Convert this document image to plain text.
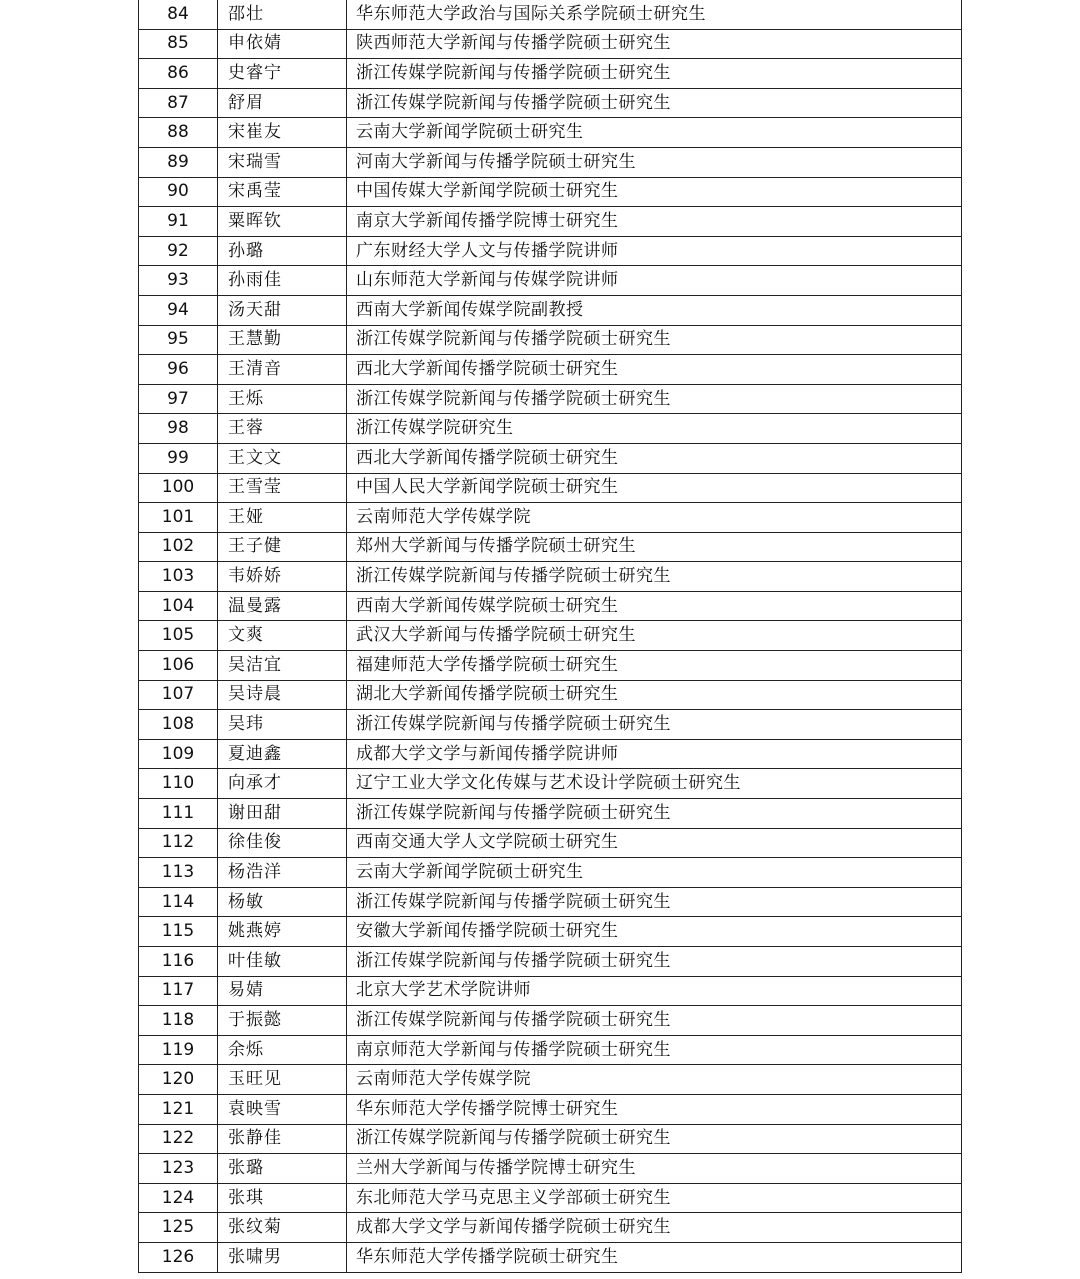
84	邵壮	华东师范大学政治与国际关系学院硕士研究生
85	申依婧	陕西师范大学新闻与传播学院硕士研究生
86	史睿宁	浙江传媒学院新闻与传播学院硕士研究生
87	舒眉	浙江传媒学院新闻与传播学院硕士研究生
88	宋崔友	云南大学新闻学院硕士研究生
89	宋瑞雪	河南大学新闻与传播学院硕士研究生
90	宋禹莹	中国传媒大学新闻学院硕士研究生
91	粟晖钦	南京大学新闻传播学院博士研究生
92	孙璐	广东财经大学人文与传播学院讲师
93	孙雨佳	山东师范大学新闻与传媒学院讲师
94	汤天甜	西南大学新闻传媒学院副教授
95	王慧勤	浙江传媒学院新闻与传播学院硕士研究生
96	王清音	西北大学新闻传播学院硕士研究生
97	王烁	浙江传媒学院新闻与传播学院硕士研究生
98	王蓉	浙江传媒学院研究生
99	王文文	西北大学新闻传播学院硕士研究生
100	王雪莹	中国人民大学新闻学院硕士研究生
101	王娅	云南师范大学传媒学院
102	王子健	郑州大学新闻与传播学院硕士研究生
103	韦娇娇	浙江传媒学院新闻与传播学院硕士研究生
104	温曼露	西南大学新闻传媒学院硕士研究生
105	文爽	武汉大学新闻与传播学院硕士研究生
106	吴洁宜	福建师范大学传播学院硕士研究生
107	吴诗晨	湖北大学新闻传播学院硕士研究生
108	吴玮	浙江传媒学院新闻与传播学院硕士研究生
109	夏迪鑫	成都大学文学与新闻传播学院讲师
110	向承才	辽宁工业大学文化传媒与艺术设计学院硕士研究生
111	谢田甜	浙江传媒学院新闻与传播学院硕士研究生
112	徐佳俊	西南交通大学人文学院硕士研究生
113	杨浩洋	云南大学新闻学院硕士研究生
114	杨敏	浙江传媒学院新闻与传播学院硕士研究生
115	姚燕婷	安徽大学新闻传播学院硕士研究生
116	叶佳敏	浙江传媒学院新闻与传播学院硕士研究生
117	易婧	北京大学艺术学院讲师
118	于振懿	浙江传媒学院新闻与传播学院硕士研究生
119	余烁	南京师范大学新闻与传播学院硕士研究生
120	玉旺见	云南师范大学传媒学院
121	袁映雪	华东师范大学传播学院博士研究生
122	张静佳	浙江传媒学院新闻与传播学院硕士研究生
123	张璐	兰州大学新闻与传播学院博士研究生
124	张琪	东北师范大学马克思主义学部硕士研究生
125	张纹菊	成都大学文学与新闻传播学院硕士研究生
126	张啸男	华东师范大学传播学院硕士研究生
